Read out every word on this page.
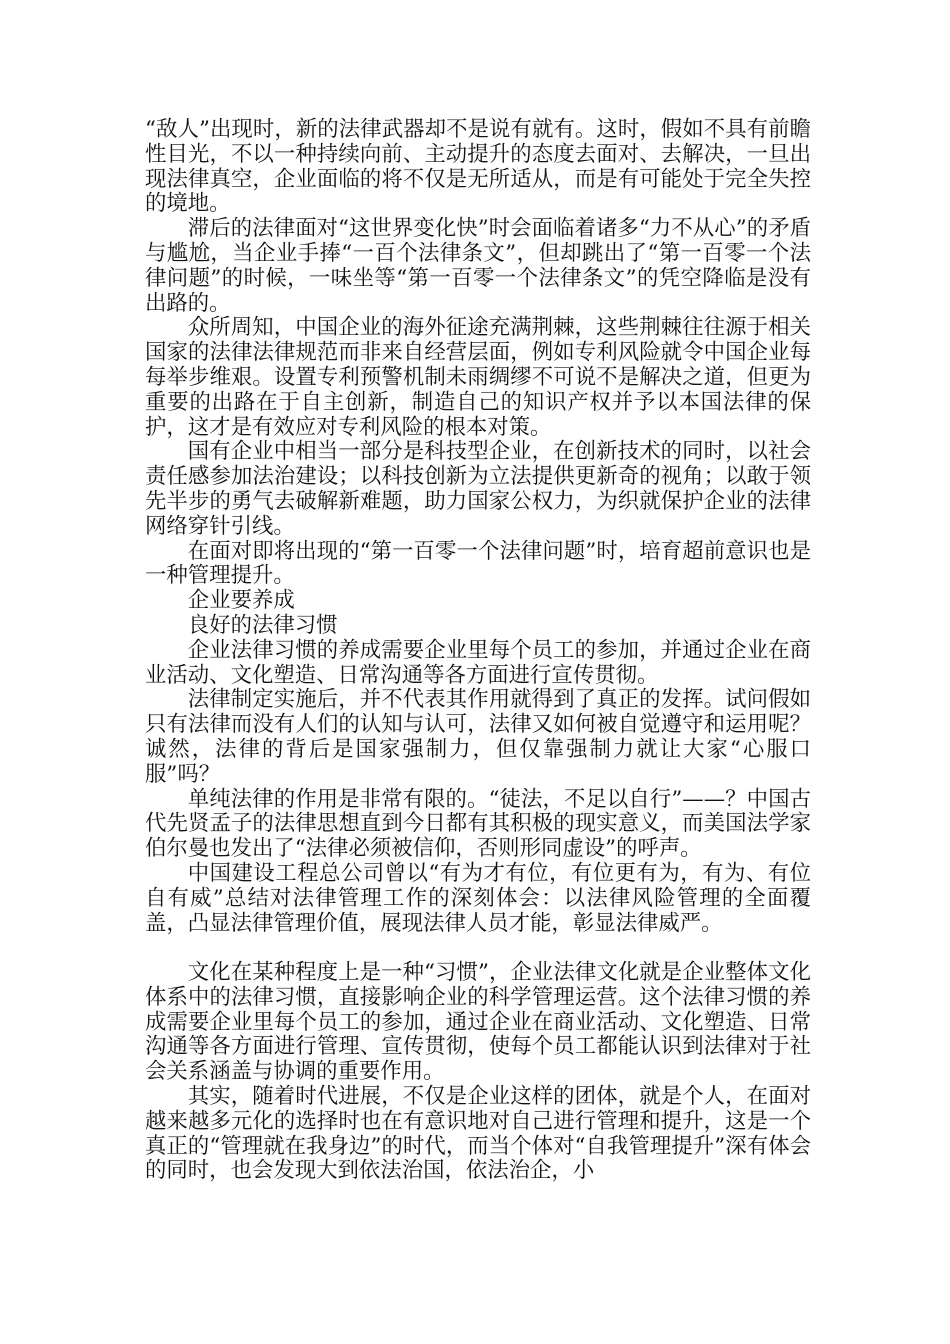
“敌人”出现时，新的法律武器却不是说有就有。这时，假如不具有前瞻性目光，不以一种持续向前、主动提升的态度去面对、去解决，一旦出现法律真空，企业面临的将不仅是无所适从，而是有可能处于完全失控的境地。

滞后的法律面对“这世界变化快”时会面临着诸多“力不从心”的矛盾与尴尬，当企业手捧“一百个法律条文”，但却跳出了“第一百零一个法律问题”的时候，一味坐等“第一百零一个法律条文”的凭空降临是没有出路的。

众所周知，中国企业的海外征途充满荆棘，这些荆棘往往源于相关国家的法律法律规范而非来自经营层面，例如专利风险就令中国企业每每举步维艰。设置专利预警机制未雨绸缪不可说不是解决之道，但更为重要的出路在于自主创新，制造自己的知识产权并予以本国法律的保护，这才是有效应对专利风险的根本对策。

国有企业中相当一部分是科技型企业，在创新技术的同时，以社会责任感参加法治建设；以科技创新为立法提供更新奇的视角；以敢于领先半步的勇气去破解新难题，助力国家公权力，为织就保护企业的法律网络穿针引线。

在面对即将出现的“第一百零一个法律问题”时，培育超前意识也是一种管理提升。

企业要养成

良好的法律习惯

企业法律习惯的养成需要企业里每个员工的参加，并通过企业在商业活动、文化塑造、日常沟通等各方面进行宣传贯彻。

法律制定实施后，并不代表其作用就得到了真正的发挥。试问假如只有法律而没有人们的认知与认可，法律又如何被自觉遵守和运用呢？诚然，法律的背后是国家强制力，但仅靠强制力就让大家“心服口服”吗？

单纯法律的作用是非常有限的。“徒法，不足以自行”——？中国古代先贤孟子的法律思想直到今日都有其积极的现实意义，而美国法学家伯尔曼也发出了“法律必须被信仰，否则形同虚设”的呼声。

中国建设工程总公司曾以“有为才有位，有位更有为，有为、有位自有威”总结对法律管理工作的深刻体会：以法律风险管理的全面覆盖，凸显法律管理价值，展现法律人员才能，彰显法律威严。

文化在某种程度上是一种“习惯”，企业法律文化就是企业整体文化体系中的法律习惯，直接影响企业的科学管理运营。这个法律习惯的养成需要企业里每个员工的参加，通过企业在商业活动、文化塑造、日常沟通等各方面进行管理、宣传贯彻，使每个员工都能认识到法律对于社会关系涵盖与协调的重要作用。

其实，随着时代进展，不仅是企业这样的团体，就是个人，在面对越来越多元化的选择时也在有意识地对自己进行管理和提升，这是一个真正的“管理就在我身边”的时代，而当个体对“自我管理提升”深有体会的同时，也会发现大到依法治国，依法治企，小
